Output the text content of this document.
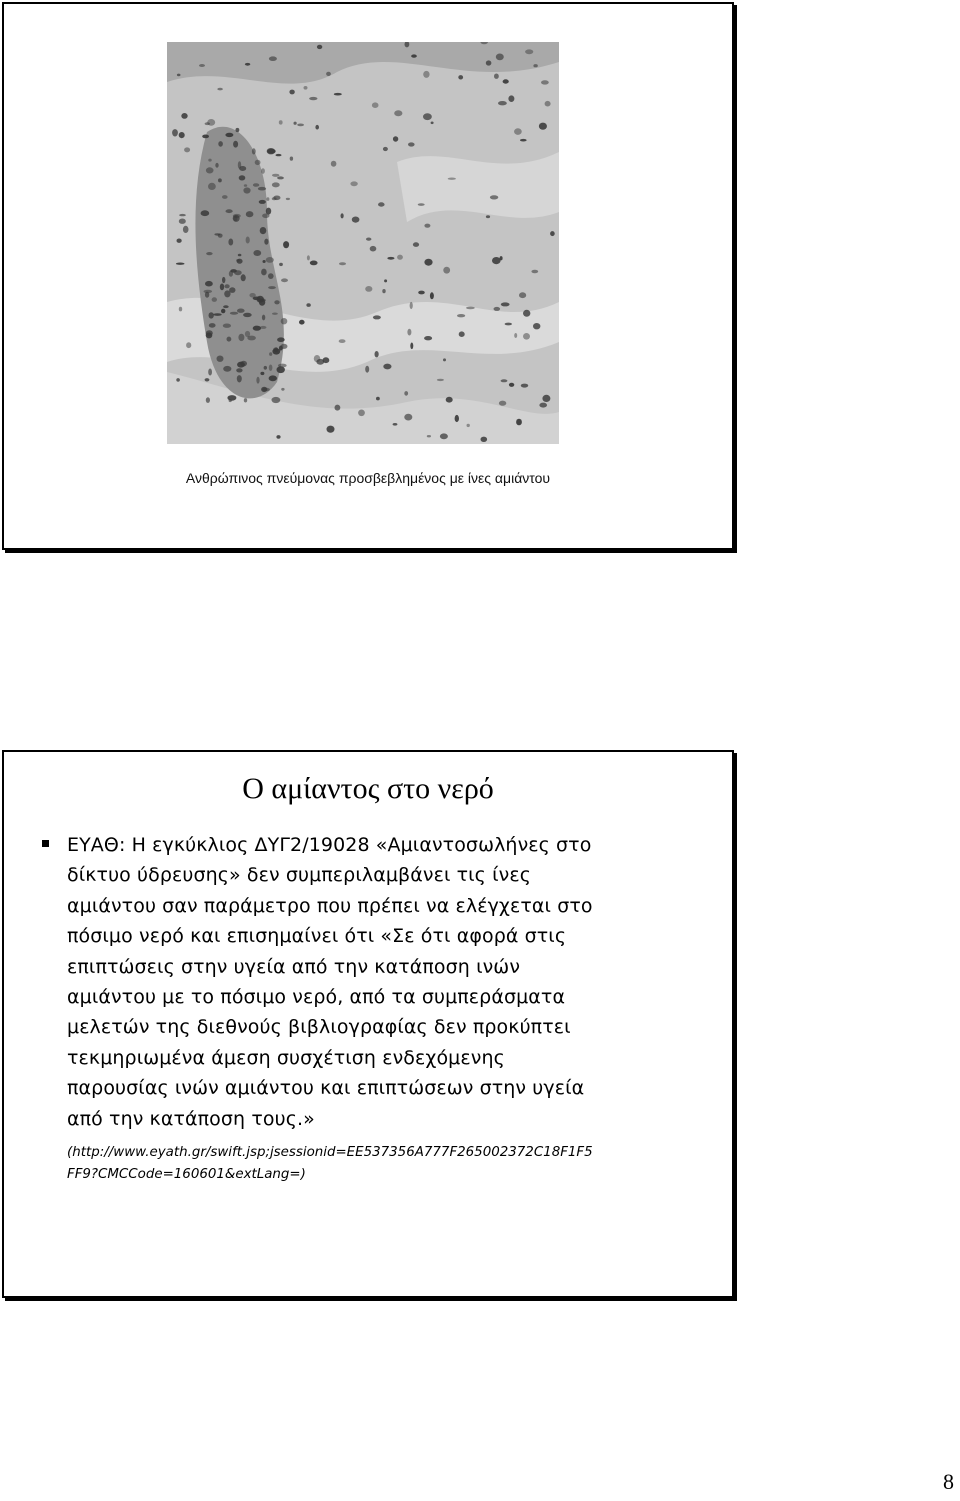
Ανθρώπινος πνεύμονας προσβεβλημένος με ίνες αμιάντου
Ο αμίαντος στο νερό
ΕΥΑΘ: Η εγκύκλιος ΔΥΓ2/19028 «Αμιαντοσωλήνες στο
δίκτυο ύδρευσης» δεν συμπεριλαμβάνει τις ίνες
αμιάντου σαν παράμετρο που πρέπει να ελέγχεται στο
πόσιμο νερό και επισημαίνει ότι «Σε ότι αφορά στις
επιπτώσεις στην υγεία από την κατάποση ινών
αμιάντου με το πόσιμο νερό, από τα συμπεράσματα
μελετών της διεθνούς βιβλιογραφίας δεν προκύπτει
τεκμηριωμένα άμεση συσχέτιση ενδεχόμενης
παρουσίας ινών αμιάντου και επιπτώσεων στην υγεία
από την κατάποση τους.»
(http://www.eyath.gr/swift.jsp;jsessionid=EE537356A777F265002372C18F1F5
FF9?CMCCode=160601&extLang=)
8
